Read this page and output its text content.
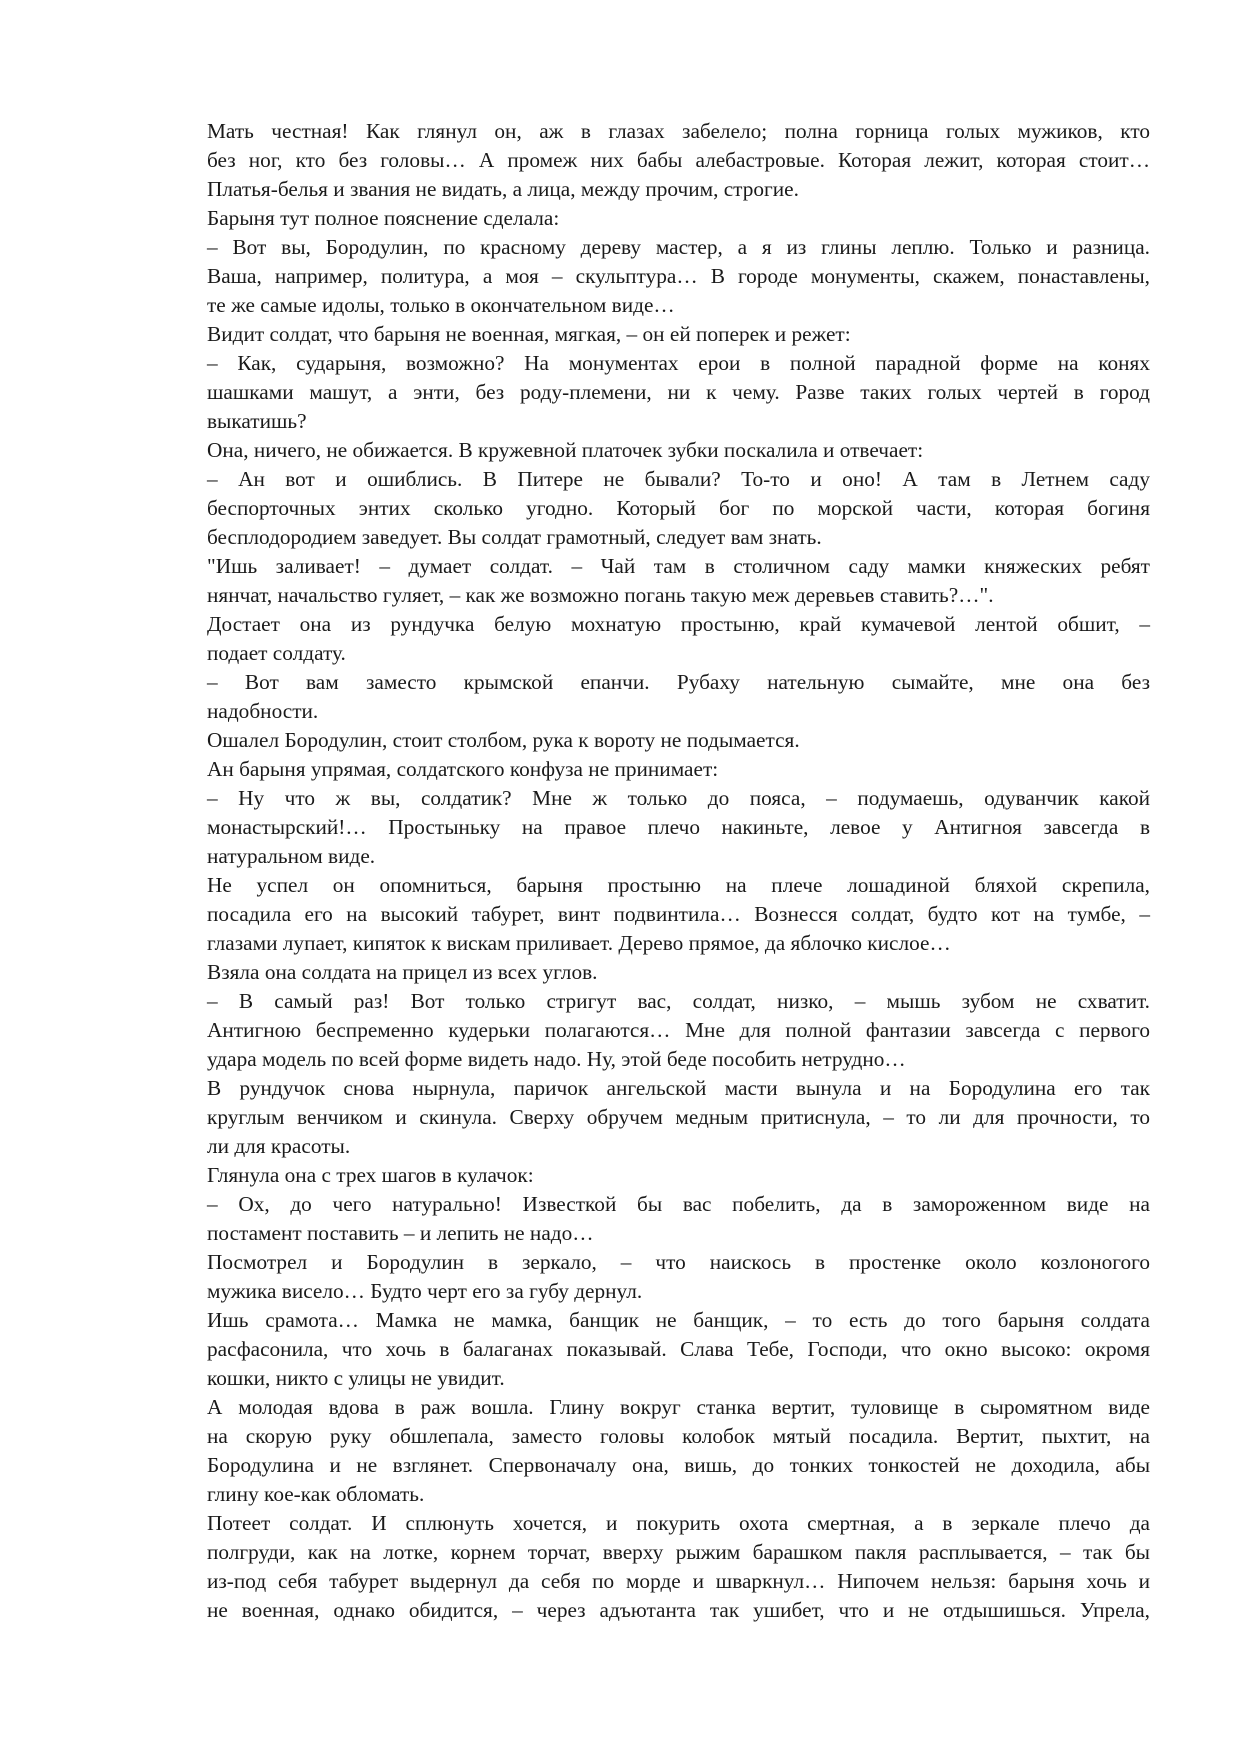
Мать честная! Как глянул он, аж в глазах забелело; полна горница голых мужиков, кто
без ног, кто без головы… А промеж них бабы алебастровые. Которая лежит, которая стоит…
Платья-белья и звания не видать, а лица, между прочим, строгие.

Барыня тут полное пояснение сделала:

– Вот вы, Бородулин, по красному дереву мастер, а я из глины леплю. Только и разница.
Ваша, например, политура, а моя – скульптура… В городе монументы, скажем, понаставлены,
те же самые идолы, только в окончательном виде…

Видит солдат, что барыня не военная, мягкая, – он ей поперек и режет:

– Как, сударыня, возможно? На монументах ерои в полной парадной форме на конях
шашками машут, а энти, без роду-племени, ни к чему. Разве таких голых чертей в город
выкатишь?

Она, ничего, не обижается. В кружевной платочек зубки поскалила и отвечает:

– Ан вот и ошиблись. В Питере не бывали? То-то и оно! А там в Летнем саду
беспорточных энтих сколько угодно. Который бог по морской части, которая богиня
бесплодородием заведует. Вы солдат грамотный, следует вам знать.

"Ишь заливает! – думает солдат. – Чай там в столичном саду мамки княжеских ребят
нянчат, начальство гуляет, – как же возможно погань такую меж деревьев ставить?…".

Достает она из рундучка белую мохнатую простыню, край кумачевой лентой обшит, –
подает солдату.

– Вот вам заместо крымской епанчи. Рубаху нательную сымайте, мне она без
надобности.

Ошалел Бородулин, стоит столбом, рука к вороту не подымается.

Ан барыня упрямая, солдатского конфуза не принимает:

– Ну что ж вы, солдатик? Мне ж только до пояса, – подумаешь, одуванчик какой
монастырский!… Простыньку на правое плечо накиньте, левое у Антигноя завсегда в
натуральном виде.

Не успел он опомниться, барыня простыню на плече лошадиной бляхой скрепила,
посадила его на высокий табурет, винт подвинтила… Вознесся солдат, будто кот на тумбе, –
глазами лупает, кипяток к вискам приливает. Дерево прямое, да яблочко кислое…

Взяла она солдата на прицел из всех углов.

– В самый раз! Вот только стригут вас, солдат, низко, – мышь зубом не схватит.
Антигною беспременно кудерьки полагаются… Мне для полной фантазии завсегда с первого
удара модель по всей форме видеть надо. Ну, этой беде пособить нетрудно…

В рундучок снова нырнула, паричок ангельской масти вынула и на Бородулина его так
круглым венчиком и скинула. Сверху обручем медным притиснула, – то ли для прочности, то
ли для красоты.

Глянула она с трех шагов в кулачок:

– Ох, до чего натурально! Известкой бы вас побелить, да в замороженном виде на
постамент поставить – и лепить не надо…

Посмотрел и Бородулин в зеркало, – что наискось в простенке около козлоногого
мужика висело… Будто черт его за губу дернул.

Ишь срамота… Мамка не мамка, банщик не банщик, – то есть до того барыня солдата
расфасонила, что хочь в балаганах показывай. Слава Тебе, Господи, что окно высоко: окромя
кошки, никто с улицы не увидит.

А молодая вдова в раж вошла. Глину вокруг станка вертит, туловище в сыромятном виде
на скорую руку обшлепала, заместо головы колобок мятый посадила. Вертит, пыхтит, на
Бородулина и не взглянет. Спервоначалу она, вишь, до тонких тонкостей не доходила, абы
глину кое-как обломать.

Потеет солдат. И сплюнуть хочется, и покурить охота смертная, а в зеркале плечо да
полгруди, как на лотке, корнем торчат, вверху рыжим барашком пакля расплывается, – так бы
из-под себя табурет выдернул да себя по морде и шваркнул… Нипочем нельзя: барыня хочь и
не военная, однако обидится, – через адъютанта так ушибет, что и не отдышишься. Упрела,
